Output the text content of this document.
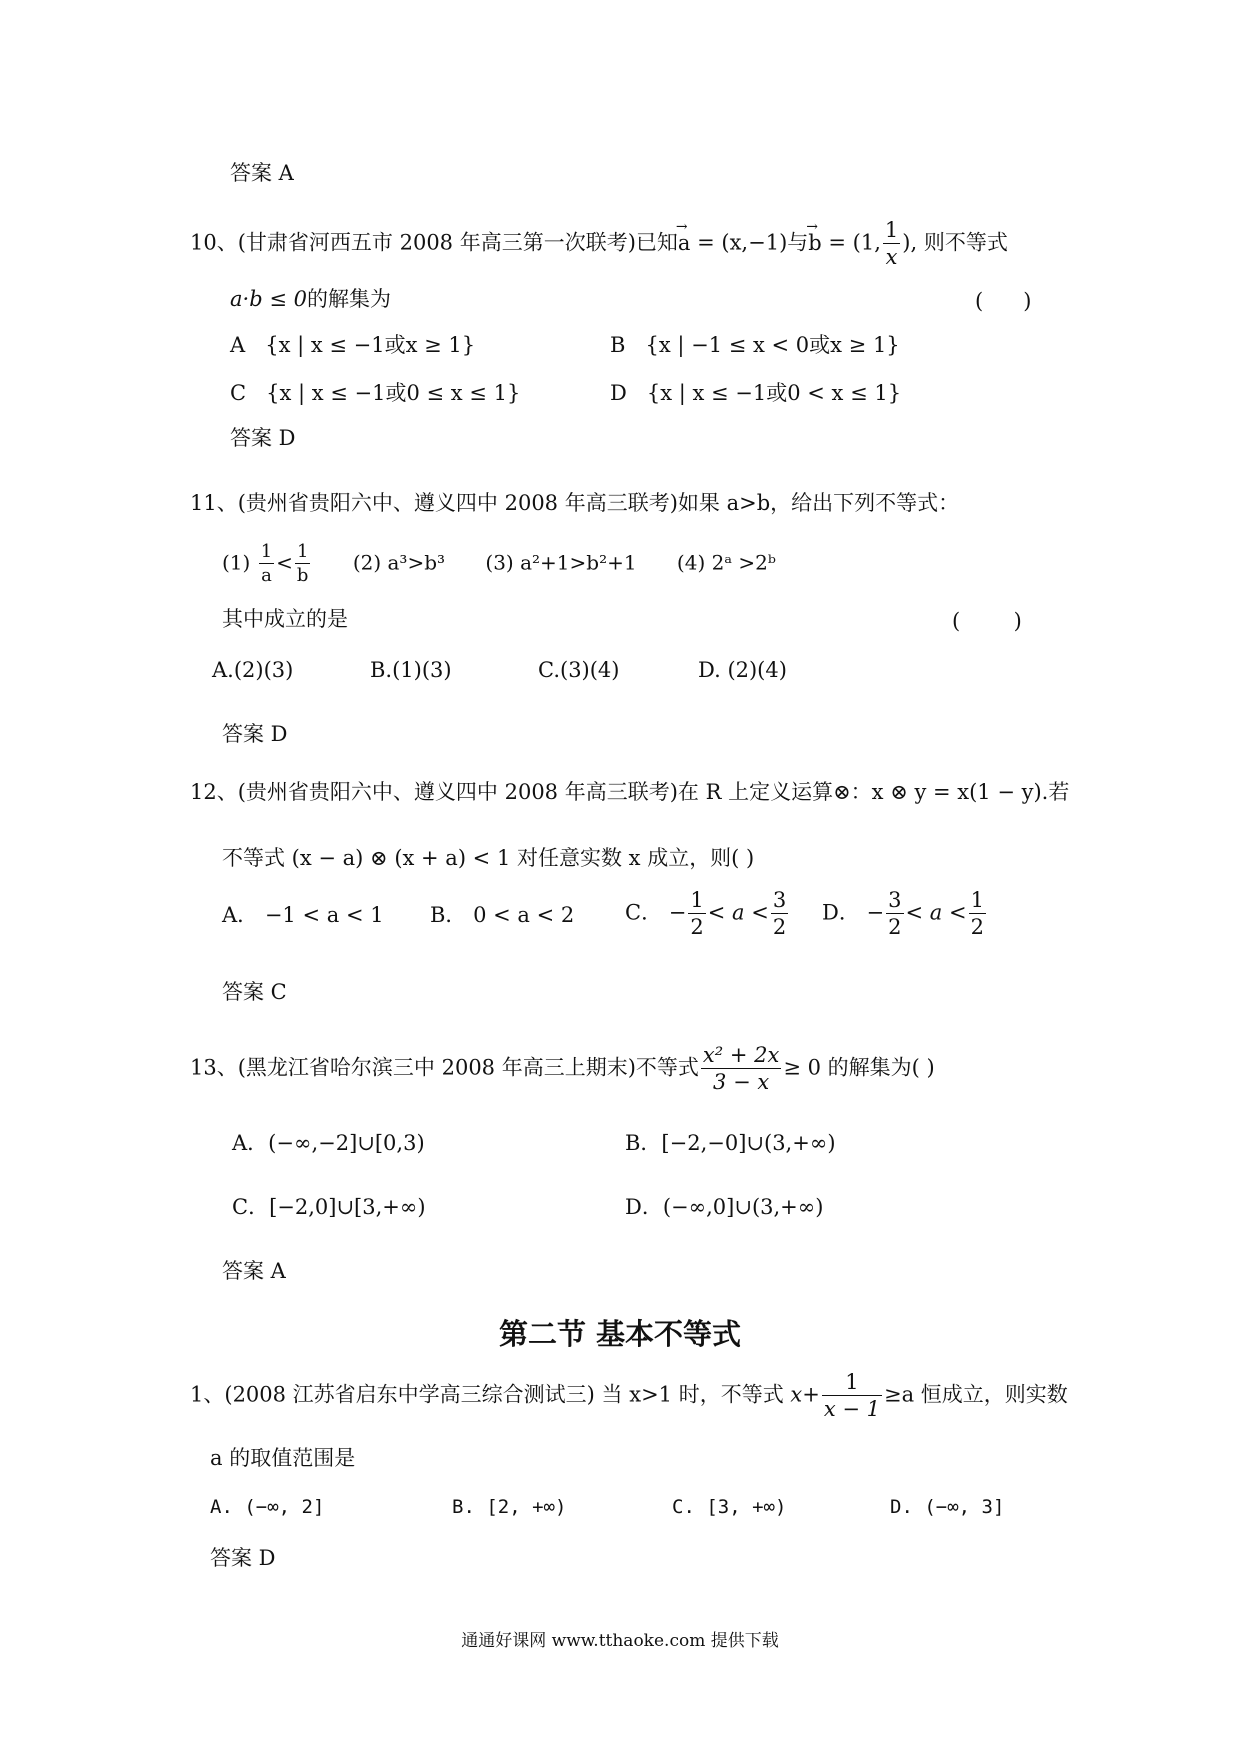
答案 A
10、(甘肃省河西五市 2008 年高三第一次联考)已知→ a = (x,−1)与→ b = (1, $\frac{1}{x}$ ), 则不等式
a·b ≤ 0的解集为	(      )
A {x | x ≤ −1或x ≥ 1}	B {x | −1 ≤ x < 0或x ≥ 1}
C {x | x ≤ −1或0 ≤ x ≤ 1}	D {x | x ≤ −1或0 < x ≤ 1}
答案 D
11、(贵州省贵阳六中、遵义四中 2008 年高三联考)如果 a>b，给出下列不等式：
$(1) \frac{1}{a} < \frac{1}{b} (2)$ a³>b³ (3) a²+1>b²+1 (4) 2ᵃ >2ᵇ
其中成立的是	(        )
A.(2)(3)	B.(1)(3)	C.(3)(4)	D. (2)(4)
答案 D
12、(贵州省贵阳六中、遵义四中 2008 年高三联考)在 R 上定义运算⊗：x ⊗ y = x(1 − y).若
不等式 (x − a) ⊗ (x + a) < 1 对任意实数 x 成立，则( )
A． −1 < a < 1 B． 0 < a < 2 C． − $\frac{1}{2} < a < \frac{3}{2}$ D． − $\frac{3}{2} < a < \frac{1}{2}$
答案 C
13、(黑龙江省哈尔滨三中 2008 年高三上期末)不等式 $\frac{\text{x² + 2x}}{3 - x} \ge 0$ 的解集为( )
A．(−∞,−2]∪[0,3)	B．[−2,−0]∪(3,+∞)
C．[−2,0]∪[3,+∞)	D．(−∞,0]∪(3,+∞)
答案 A
第二节 基本不等式
1、(2008 江苏省启东中学高三综合测试三) 当 x>1 时，不等式 $x+ \frac{1}{x - 1} \ge a$ 恒成立，则实数
a 的取值范围是
A. (−∞, 2]	B. [2, +∞)	C. [3, +∞)	D. (−∞, 3]
答案 D
通通好课网 www.tthaoke.com 提供下载
